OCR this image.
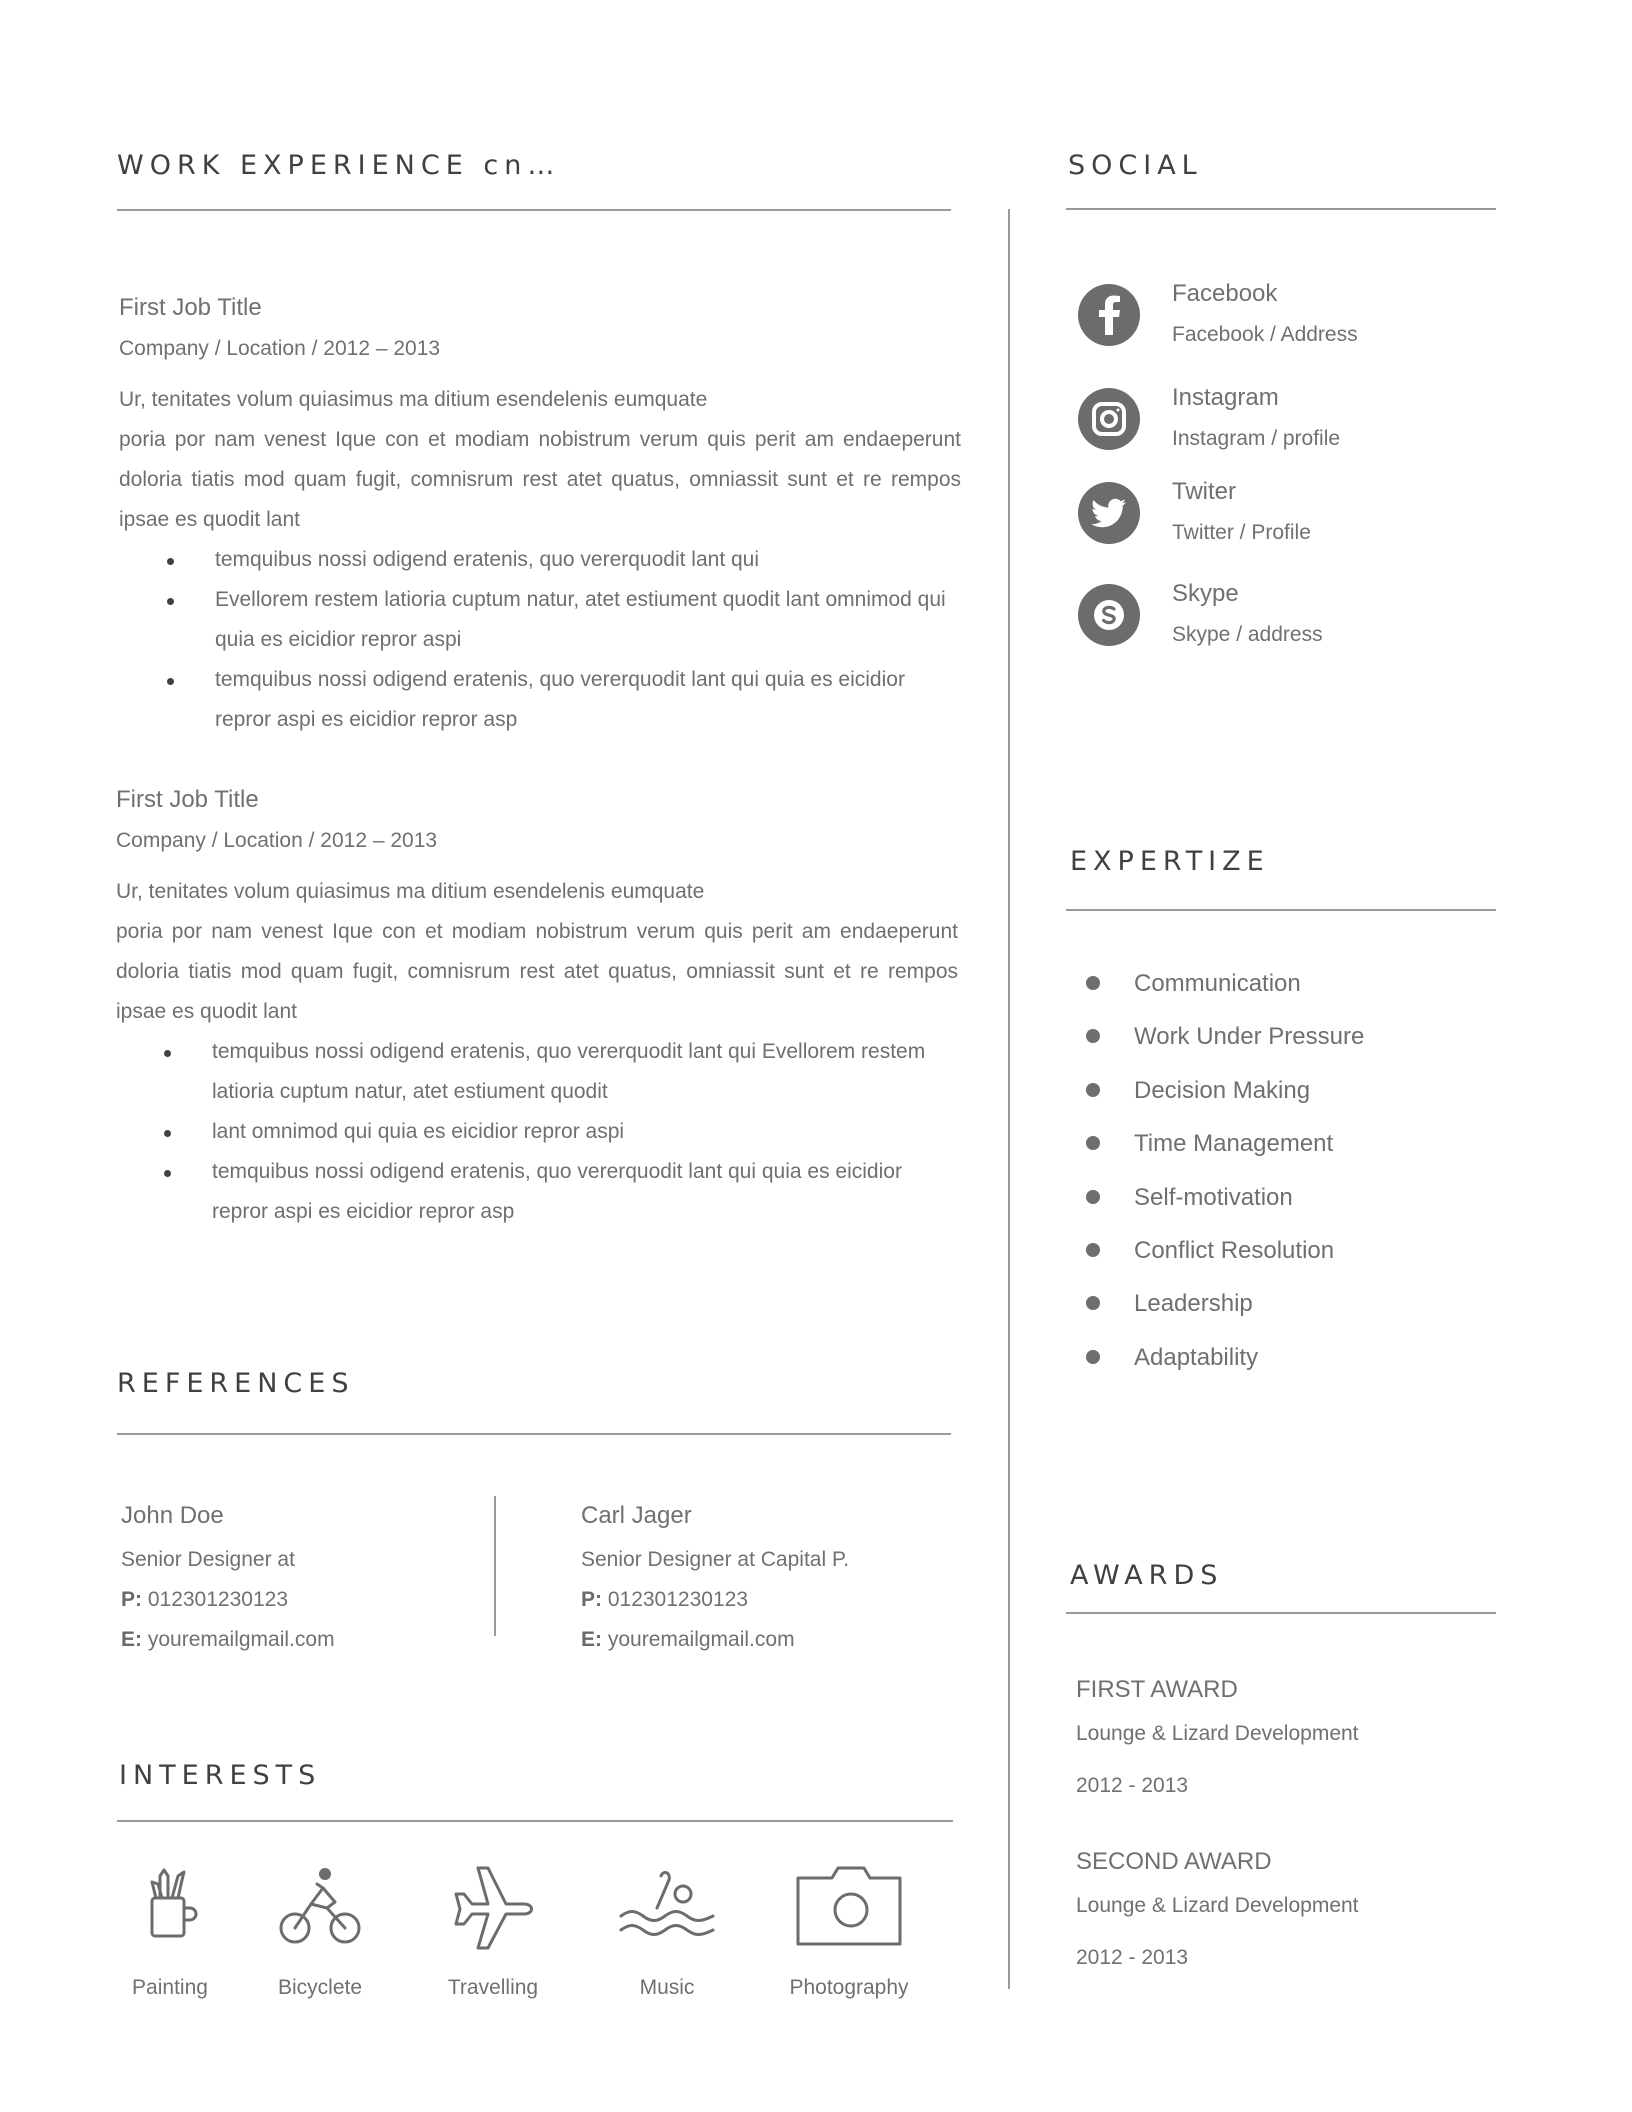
WORK EXPERIENCE cn…

First Job Title

Company / Location / 2012 – 2013

Ur, tenitates volum quiasimus ma ditium esendelenis eumquate

poria por nam venest Ique con et modiam nobistrum verum quis perit am endaeperunt doloria tiatis mod quam fugit, comnisrum rest atet quatus, omniassit sunt et re rempos ipsae es quodit lant

temquibus nossi odigend eratenis, quo vererquodit lant qui
Evellorem restem latioria cuptum natur, atet estiument quodit lant omnimod qui quia es eicidior repror aspi
temquibus nossi odigend eratenis, quo vererquodit lant qui quia es eicidior repror aspi es eicidior repror asp

First Job Title

Company / Location / 2012 – 2013

Ur, tenitates volum quiasimus ma ditium esendelenis eumquate

poria por nam venest Ique con et modiam nobistrum verum quis perit am endaeperunt doloria tiatis mod quam fugit, comnisrum rest atet quatus, omniassit sunt et re rempos ipsae es quodit lant

temquibus nossi odigend eratenis, quo vererquodit lant qui Evellorem restem latioria cuptum natur, atet estiument quodit
lant omnimod qui quia es eicidior repror aspi
temquibus nossi odigend eratenis, quo vererquodit lant qui quia es eicidior repror aspi es eicidior repror asp
REFERENCES

John Doe

Senior Designer at

P: 012301230123

E: youremailgmail.com

Carl Jager

Senior Designer at Capital P.

P: 012301230123

E: youremailgmail.com

INTERESTS
Painting	Bicyclete	Travelling	Music	Photography
SOCIAL
Facebook
Facebook / Address
Instagram
Instagram / profile
Twiter
Twitter / Profile
Skype
Skype / address
EXPERTIZE
Communication
Work Under Pressure
Decision Making
Time Management
Self-motivation
Conflict Resolution
Leadership
Adaptability
AWARDS

FIRST AWARD

Lounge & Lizard Development

2012 - 2013

SECOND AWARD

Lounge & Lizard Development

2012 - 2013
